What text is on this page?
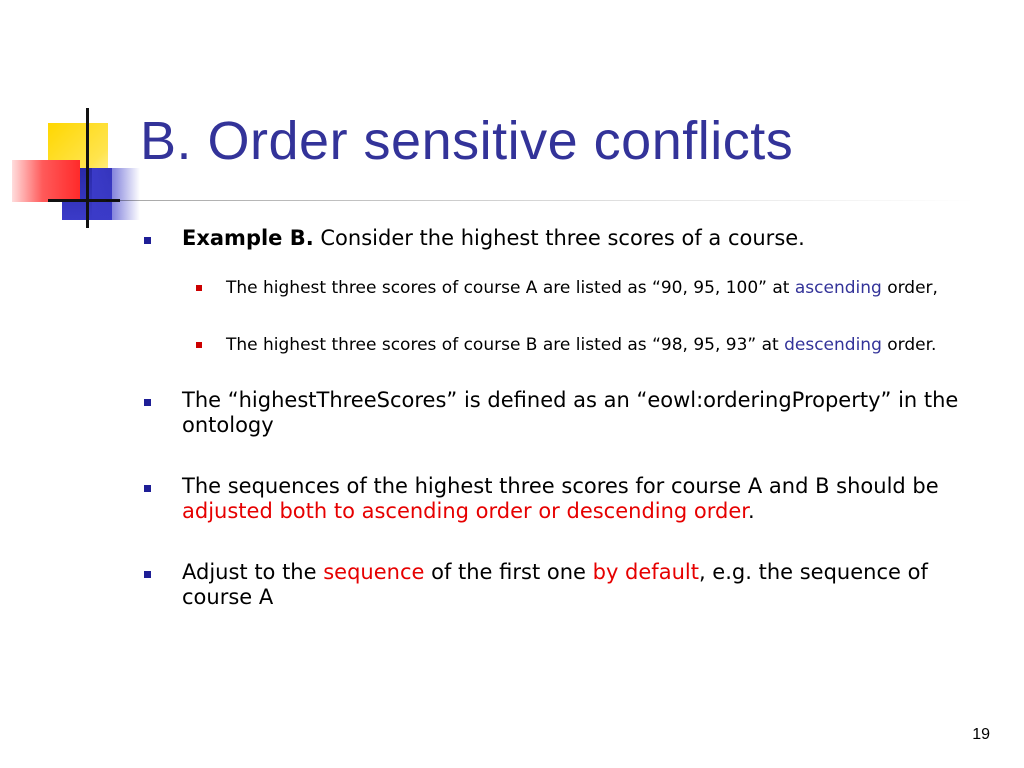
B. Order sensitive conflicts
Example B. Consider the highest three scores of a course.
The highest three scores of course A are listed as “90, 95, 100” at ascending order,
The highest three scores of course B are listed as “98, 95, 93” at descending order.
The “highestThreeScores” is defined as an “eowl:orderingProperty” in the ontology
The sequences of the highest three scores for course A and B should be adjusted both to ascending order or descending order.
Adjust to the sequence of the first one by default, e.g. the sequence of course A
19
